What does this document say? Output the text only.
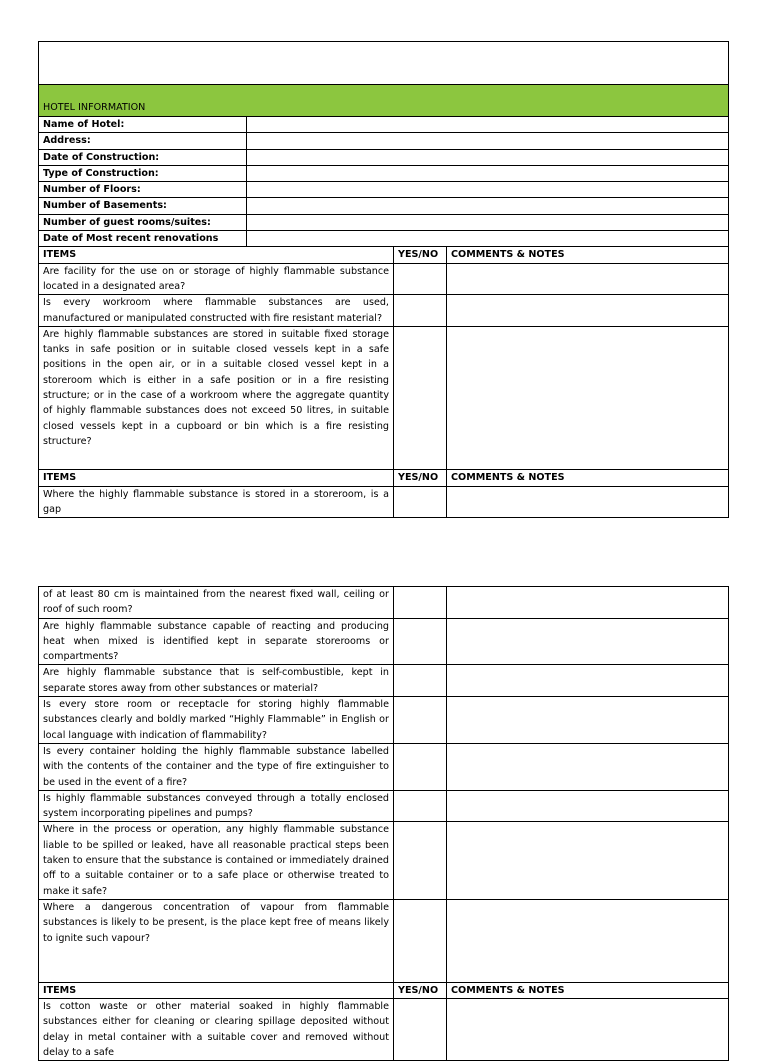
HOTEL INFORMATION			
Name of Hotel:			
Address:			
Date of Construction:			
Type of Construction:			
Number of Floors:			
Number of Basements:			
Number of guest rooms/suites:			
Date of Most recent renovations			
ITEMS		YES/NO	COMMENTS & NOTES
Are facility for the use on or storage of highly flammable substance located in a designated area?			
Is every workroom where flammable substances are used, manufactured or manipulated constructed with fire resistant material?			
Are highly flammable substances are stored in suitable fixed storage tanks in safe position or in suitable closed vessels kept in a safe positions in the open air, or in a suitable closed vessel kept in a storeroom which is either in a safe position or in a fire resisting structure; or in the case of a workroom where the aggregate quantity of highly flammable substances does not exceed 50 litres, in suitable closed vessels kept in a cupboard or bin which is a fire resisting structure?			
ITEMS		YES/NO	COMMENTS & NOTES
Where the highly flammable substance is stored in a storeroom, is a gap			
of at least 80 cm is maintained from the nearest fixed wall, ceiling or roof of such room?		
Are highly flammable substance capable of reacting and producing heat when mixed is identified kept in separate storerooms or compartments?		
Are highly flammable substance that is self-combustible, kept in separate stores away from other substances or material?		
Is every store room or receptacle for storing highly flammable substances clearly and boldly marked “Highly Flammable” in English or local language with indication of flammability?		
Is every container holding the highly flammable substance labelled with the contents of the container and the type of fire extinguisher to be used in the event of a fire?		
Is highly flammable substances conveyed through a totally enclosed system incorporating pipelines and pumps?		
Where in the process or operation, any highly flammable substance liable to be spilled or leaked, have all reasonable practical steps been taken to ensure that the substance is contained or immediately drained off to a suitable container or to a safe place or otherwise treated to make it safe?		
Where a dangerous concentration of vapour from flammable substances is likely to be present, is the place kept free of means likely to ignite such vapour?		
ITEMS	YES/NO	COMMENTS & NOTES
Is cotton waste or other material soaked in highly flammable substances either for cleaning or clearing spillage deposited without delay in metal container with a suitable cover and removed without delay to a safe		
